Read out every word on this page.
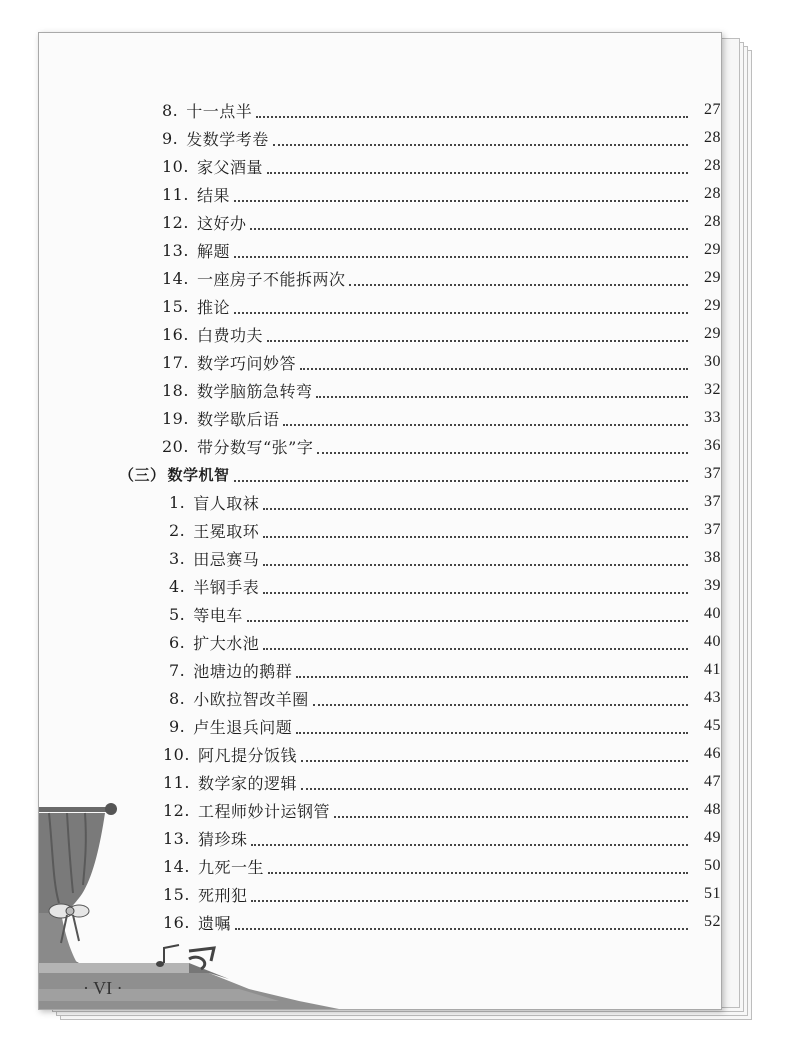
8. 十一点半	27
9. 发数学考卷	28
10. 家父酒量	28
11. 结果	28
12. 这好办	28
13. 解题	29
14. 一座房子不能拆两次	29
15. 推论	29
16. 白费功夫	29
17. 数学巧问妙答	30
18. 数学脑筋急转弯	32
19. 数学歇后语	33
20. 带分数写“张”字	36
（三） 数学机智	37
1. 盲人取袜	37
2. 王冕取环	37
3. 田忌赛马	38
4. 半钢手表	39
5. 等电车	40
6. 扩大水池	40
7. 池塘边的鹅群	41
8. 小欧拉智改羊圈	43
9. 卢生退兵问题	45
10. 阿凡提分饭钱	46
11. 数学家的逻辑	47
12. 工程师妙计运钢管	48
13. 猜珍珠	49
14. 九死一生	50
15. 死刑犯	51
16. 遗嘱	52
· VI ·
